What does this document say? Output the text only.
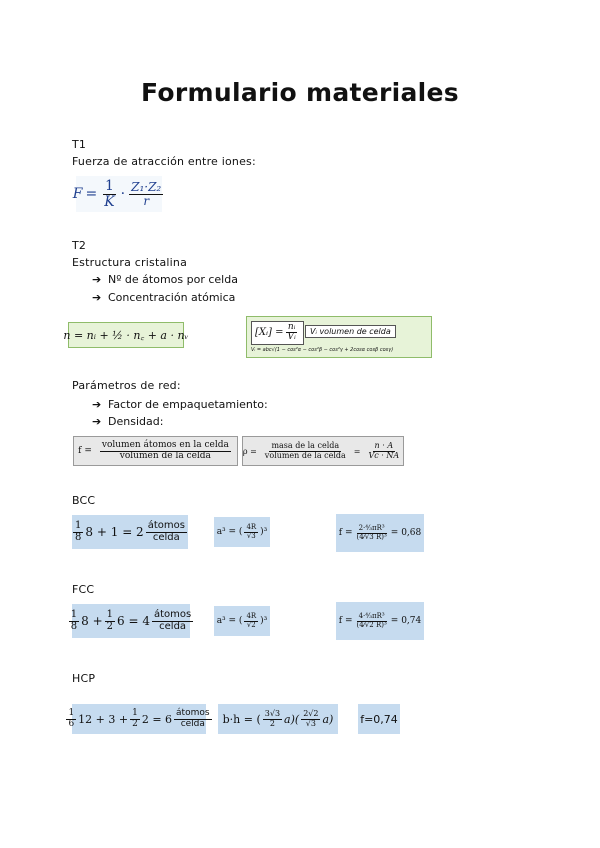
Formulario materiales
T1
Fuerza de atracción entre iones:
$F = \frac{1}{K} \cdot \frac{\text{Z₁·Z₂}}{r}$
T2
Estructura cristalina
➔ Nº de átomos por celda
➔ Concentración atómica
n = nᵢ + ½ · n꜀ + a · nᵥ	[Xᵢ] = $\frac{\text{nᵢ}}{\text{Vᵢ}}$	Vᵢ volumen de celda
Vᵢ = abc√(1 − cos²α − cos²β − cos²γ + 2cosα cosβ cosγ)
Parámetros de red:
➔ Factor de empaquetamiento:
➔ Densidad:
$f = \frac{\text{volumen átomos en la celda}}{\text{volumen de la celda}}$ $\rho = \frac{\text{masa de la celda}}{\text{volumen de la celda}} = \frac{n \cdot A}{Vc \cdot NA}$
BCC
$\frac{1}{8} 8 + 1 = 2 \frac{\text{átomos}}{\text{celda}}$	a³ = ( $\frac{4R}{√3} )^3$	$f = \frac{\text{2·⁴⁄₃πR³}}{\text{(4⁄√3 R)³}} = 0,68$
FCC
$\frac{1}{8} 8 + \frac{1}{2} 6 = 4 \frac{\text{átomos}}{\text{celda}}$	a³ = ( $\frac{4R}{√2} )^3$	$f = \frac{\text{4·⁴⁄₃πR³}}{\text{(4⁄√2 R)³}} = 0,74$
HCP
$\frac{1}{6} 12 + 3 + \frac{1}{2} 2 = 6 \frac{\text{átomos}}{\text{celda}} b\cdot h$ = ( $\frac{3√3}{2} a)( \frac{2√2}{√3} a)$ f=0,74
